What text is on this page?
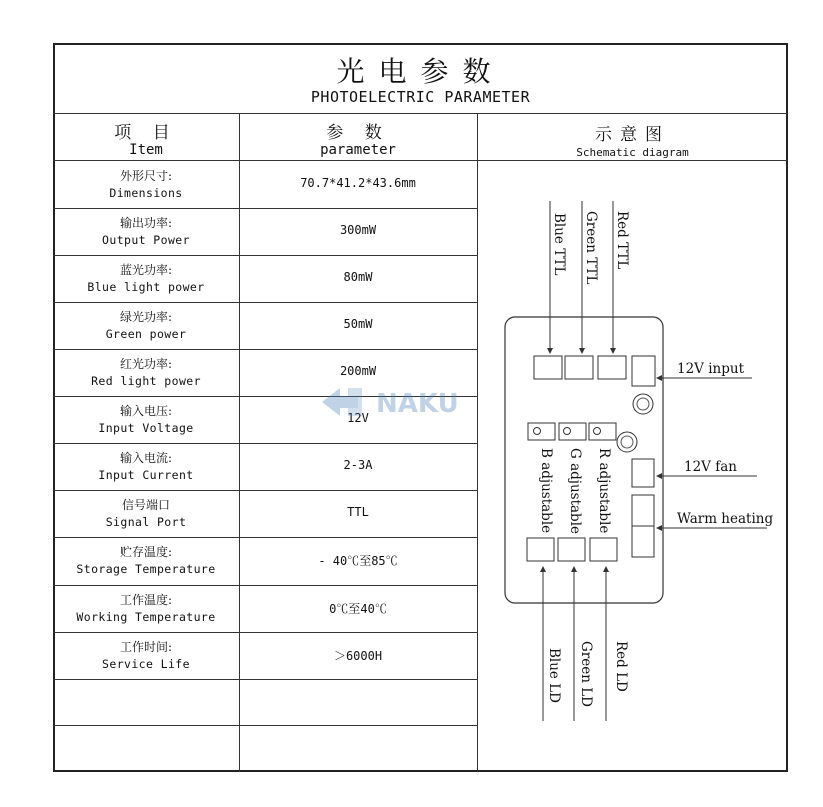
光电参数
PHOTOELECTRIC PARAMETER
项 目
Item
参 数
parameter
示意图
Schematic diagram
外形尺寸:
Dimensions
70.7*41.2*43.6mm
输出功率:
Output Power
300mW
蓝光功率:
Blue light power
80mW
绿光功率:
Green power
50mW
红光功率:
Red light power
200mW
输入电压:
Input Voltage
12V
输入电流:
Input Current
2-3A
信号端口
Signal Port
TTL
贮存温度:
Storage Temperature
- 40℃至85℃
工作温度:
Working Temperature
0℃至40℃
工作时间:
Service Life
＞6000H
NAKU
Blue TTL Green TTL Red TTL
B adjustable G adjustable R adjustable
Blue LD Green LD Red LD
12V input
12V fan
Warm heating
